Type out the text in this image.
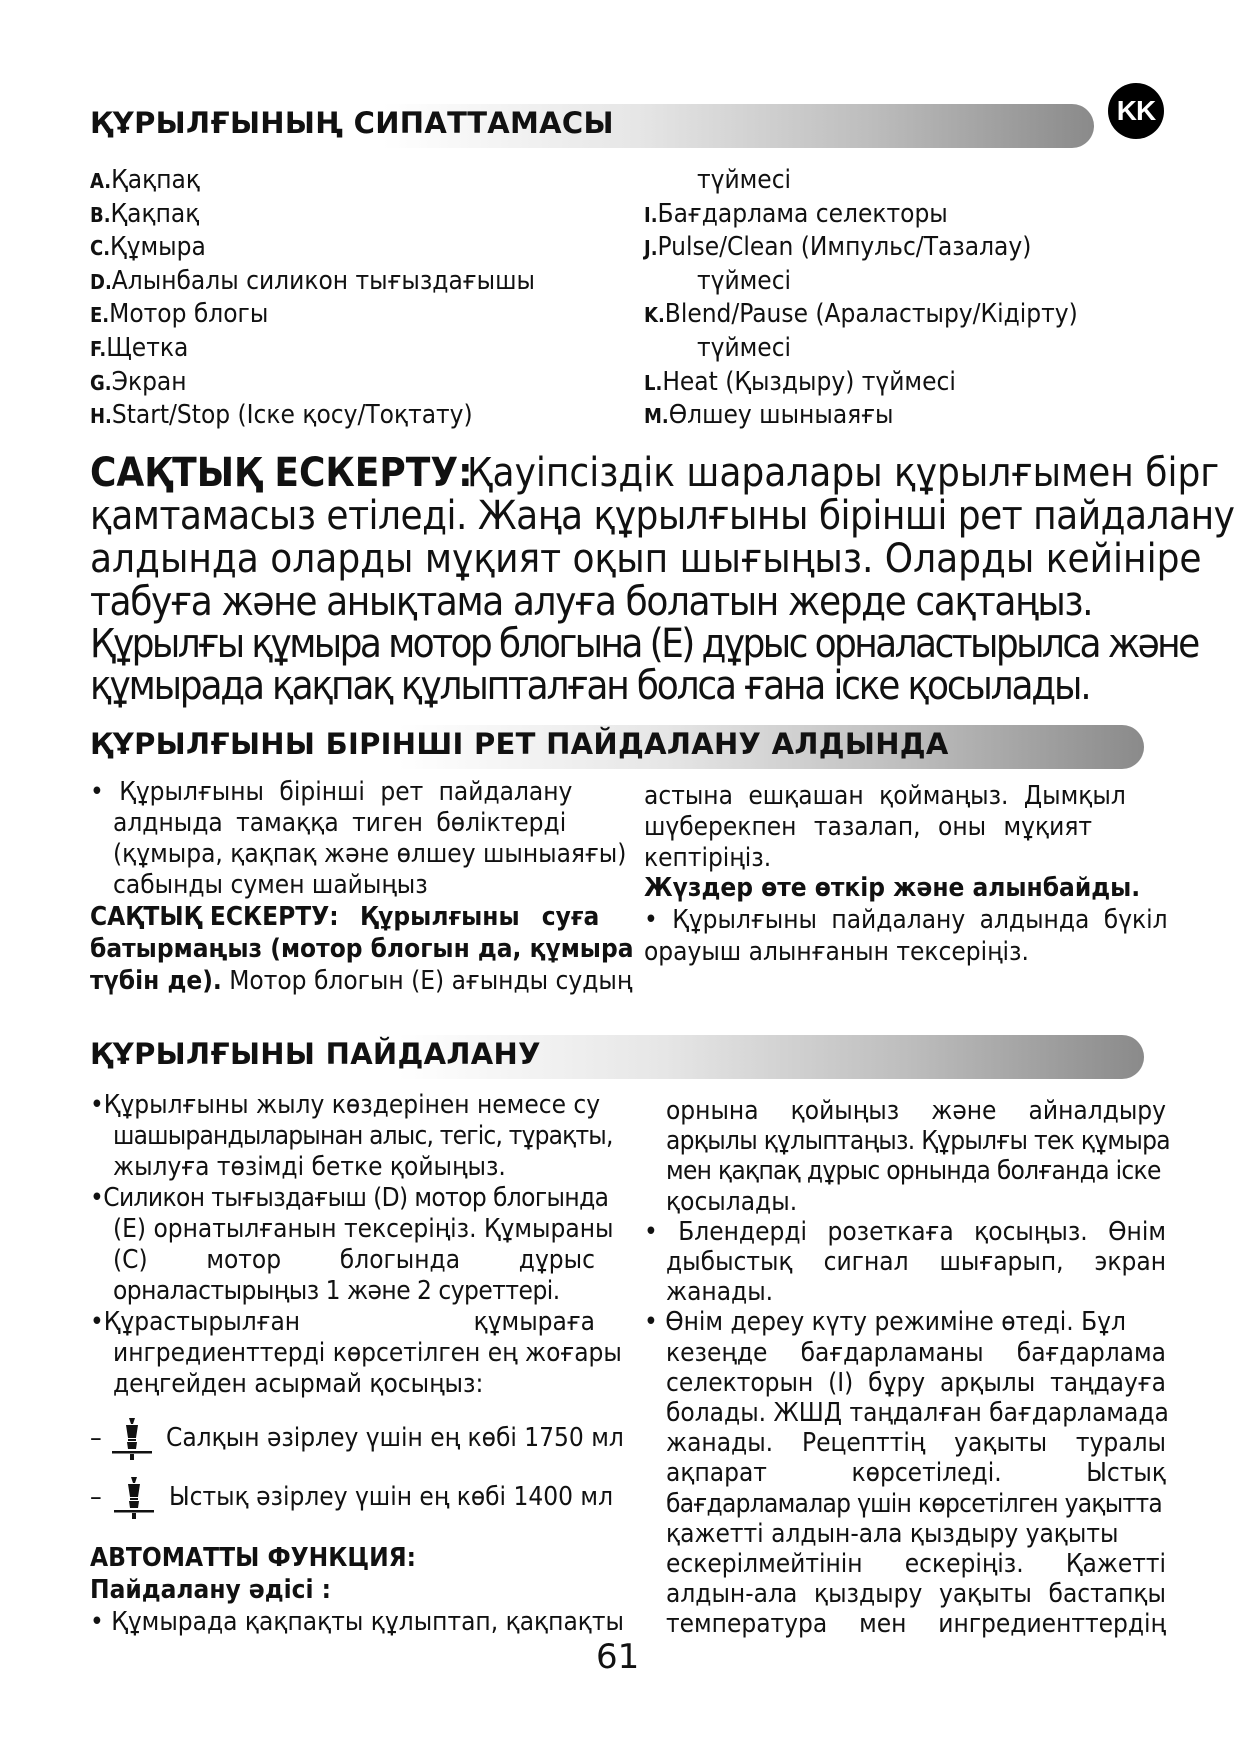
KK
ҚҰРЫЛҒЫНЫҢ СИПАТТАМАСЫ
A.Қақпақ
B.Қақпақ
C.Құмыра
D.Алынбалы силикон тығыздағышы
E.Мотор блогы
F.Щетка
G.Экран
H.Start/Stop (Іске қосу/Тоқтату)
түймесі
I.Бағдарлама селекторы
J.Pulse/Clean (Импульс/Тазалау)
түймесі
K.Blend/Pause (Араластыру/Кідірту)
түймесі
L.Heat (Қыздыру) түймесі
M.Өлшеу шыныаяғы
САҚТЫҚ ЕСКЕРТУ:
Қауіпсіздік шаралары құрылғымен бірг
қамтамасыз етіледі. Жаңа құрылғыны бірінші рет пайдалану
алдында оларды мұқият оқып шығыңыз. Оларды кейініре
табуға және анықтама алуға болатын жерде сақтаңыз.
Құрылғы құмыра мотор блогына (E) дұрыс орналастырылса және
құмырада қақпақ құлыпталған болса ғана іске қосылады.
ҚҰРЫЛҒЫНЫ БІРІНШІ РЕТ ПАЙДАЛАНУ АЛДЫНДА
• Құрылғыны бірінші рет пайдалану
алдныда тамаққа тиген бөліктерді
(құмыра, қақпақ және өлшеу шыныаяғы)
сабынды сумен шайыңыз
САҚТЫҚ ЕСКЕРТУ: Құрылғыны суға
батырмаңыз (мотор блогын да, құмыра
түбін де). Мотор блогын (E) ағынды судың
астына ешқашан қоймаңыз. Дымқыл
шүберекпен тазалап, оны мұқият
кептіріңіз.
Жүздер өте өткір және алынбайды.
• Құрылғыны пайдалану алдында бүкіл
орауыш алынғанын тексеріңіз.
ҚҰРЫЛҒЫНЫ ПАЙДАЛАНУ
•Құрылғыны жылу көздерінен немесе су
шашырандыларынан алыс, тегіс, тұрақты,
жылуға төзімді бетке қойыңыз.
•Силикон тығыздағыш (D) мотор блогында
(E) орнатылғанын тексеріңіз. Құмыраны
(C) мотор блогында дұрыс
орналастырыңыз 1 және 2 суреттері.
•Құрастырылған құмыраға
ингредиенттерді көрсетілген ең жоғары
деңгейден асырмай қосыңыз:
– Салқын әзірлеу үшін ең көбі 1750 мл
–	Ыстық әзірлеу үшін ең көбі 1400 мл
АВТОМАТТЫ ФУНКЦИЯ:
Пайдалану әдісі :
• Құмырада қақпақты құлыптап, қақпақты
орнына қойыңыз және айналдыру
арқылы құлыптаңыз. Құрылғы тек құмыра
мен қақпақ дұрыс орнында болғанда іске
қосылады.
• Блендерді розеткаға қосыңыз. Өнім
дыбыстық сигнал шығарып, экран
жанады.
• Өнім дереу күту режиміне өтеді. Бұл
кезеңде бағдарламаны бағдарлама
селекторын (I) бұру арқылы таңдауға
болады. ЖШД таңдалған бағдарламада
жанады. Рецепттің уақыты туралы
ақпарат көрсетіледі. Ыстық
бағдарламалар үшін көрсетілген уақытта
қажетті алдын-ала қыздыру уақыты
ескерілмейтінін ескеріңіз. Қажетті
алдын-ала қыздыру уақыты бастапқы
температура мен ингредиенттердің
61
